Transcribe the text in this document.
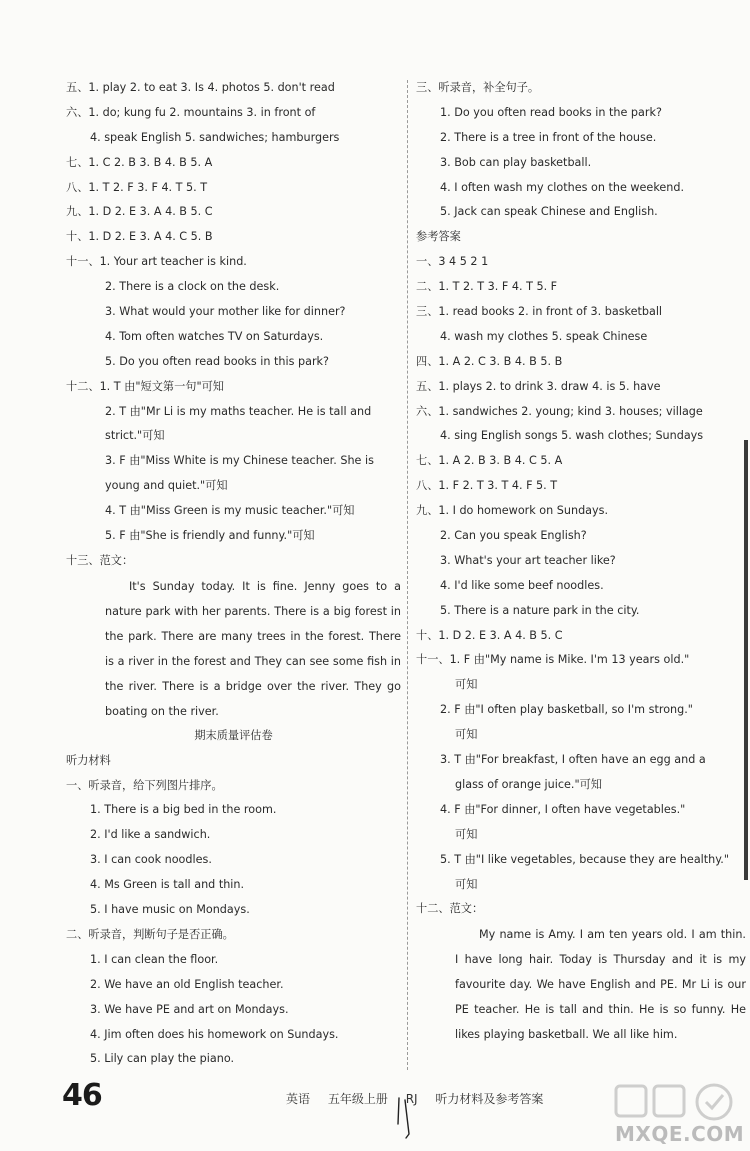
五、1. play 2. to eat 3. Is 4. photos 5. don't read
六、1. do; kung fu 2. mountains 3. in front of
4. speak English 5. sandwiches; hamburgers
七、1. C 2. B 3. B 4. B 5. A
八、1. T 2. F 3. F 4. T 5. T
九、1. D 2. E 3. A 4. B 5. C
十、1. D 2. E 3. A 4. C 5. B
十一、1. Your art teacher is kind.
2. There is a clock on the desk.
3. What would your mother like for dinner?
4. Tom often watches TV on Saturdays.
5. Do you often read books in this park?
十二、1. T 由"短文第一句"可知
2. T 由"Mr Li is my maths teacher. He is tall and
strict."可知
3. F 由"Miss White is my Chinese teacher. She is
young and quiet."可知
4. T 由"Miss Green is my music teacher."可知
5. F 由"She is friendly and funny."可知
十三、范文：

It's Sunday today. It is fine. Jenny goes to a nature park with her parents. There is a big forest in the park. There are many trees in the forest. There is a river in the forest and They can see some fish in the river. There is a bridge over the river. They go boating on the river.

期末质量评估卷
听力材料
一、听录音，给下列图片排序。
1. There is a big bed in the room.
2. I'd like a sandwich.
3. I can cook noodles.
4. Ms Green is tall and thin.
5. I have music on Mondays.
二、听录音，判断句子是否正确。
1. I can clean the floor.
2. We have an old English teacher.
3. We have PE and art on Mondays.
4. Jim often does his homework on Sundays.
5. Lily can play the piano.
三、听录音，补全句子。
1. Do you often read books in the park?
2. There is a tree in front of the house.
3. Bob can play basketball.
4. I often wash my clothes on the weekend.
5. Jack can speak Chinese and English.
参考答案
一、3 4 5 2 1
二、1. T 2. T 3. F 4. T 5. F
三、1. read books 2. in front of 3. basketball
4. wash my clothes 5. speak Chinese
四、1. A 2. C 3. B 4. B 5. B
五、1. plays 2. to drink 3. draw 4. is 5. have
六、1. sandwiches 2. young; kind 3. houses; village
4. sing English songs 5. wash clothes; Sundays
七、1. A 2. B 3. B 4. C 5. A
八、1. F 2. T 3. T 4. F 5. T
九、1. I do homework on Sundays.
2. Can you speak English?
3. What's your art teacher like?
4. I'd like some beef noodles.
5. There is a nature park in the city.
十、1. D 2. E 3. A 4. B 5. C
十一、1. F 由"My name is Mike. I'm 13 years old."
可知
2. F 由"I often play basketball, so I'm strong."
可知
3. T 由"For breakfast, I often have an egg and a
glass of orange juice."可知
4. F 由"For dinner, I often have vegetables."
可知
5. T 由"I like vegetables, because they are healthy."
可知
十二、范文：

My name is Amy. I am ten years old. I am thin. I have long hair. Today is Thursday and it is my favourite day. We have English and PE. Mr Li is our PE teacher. He is tall and thin. He is so funny. He likes playing basketball. We all like him.

46	英语 五年级上册 RJ 听力材料及参考答案
MXQE.COM
